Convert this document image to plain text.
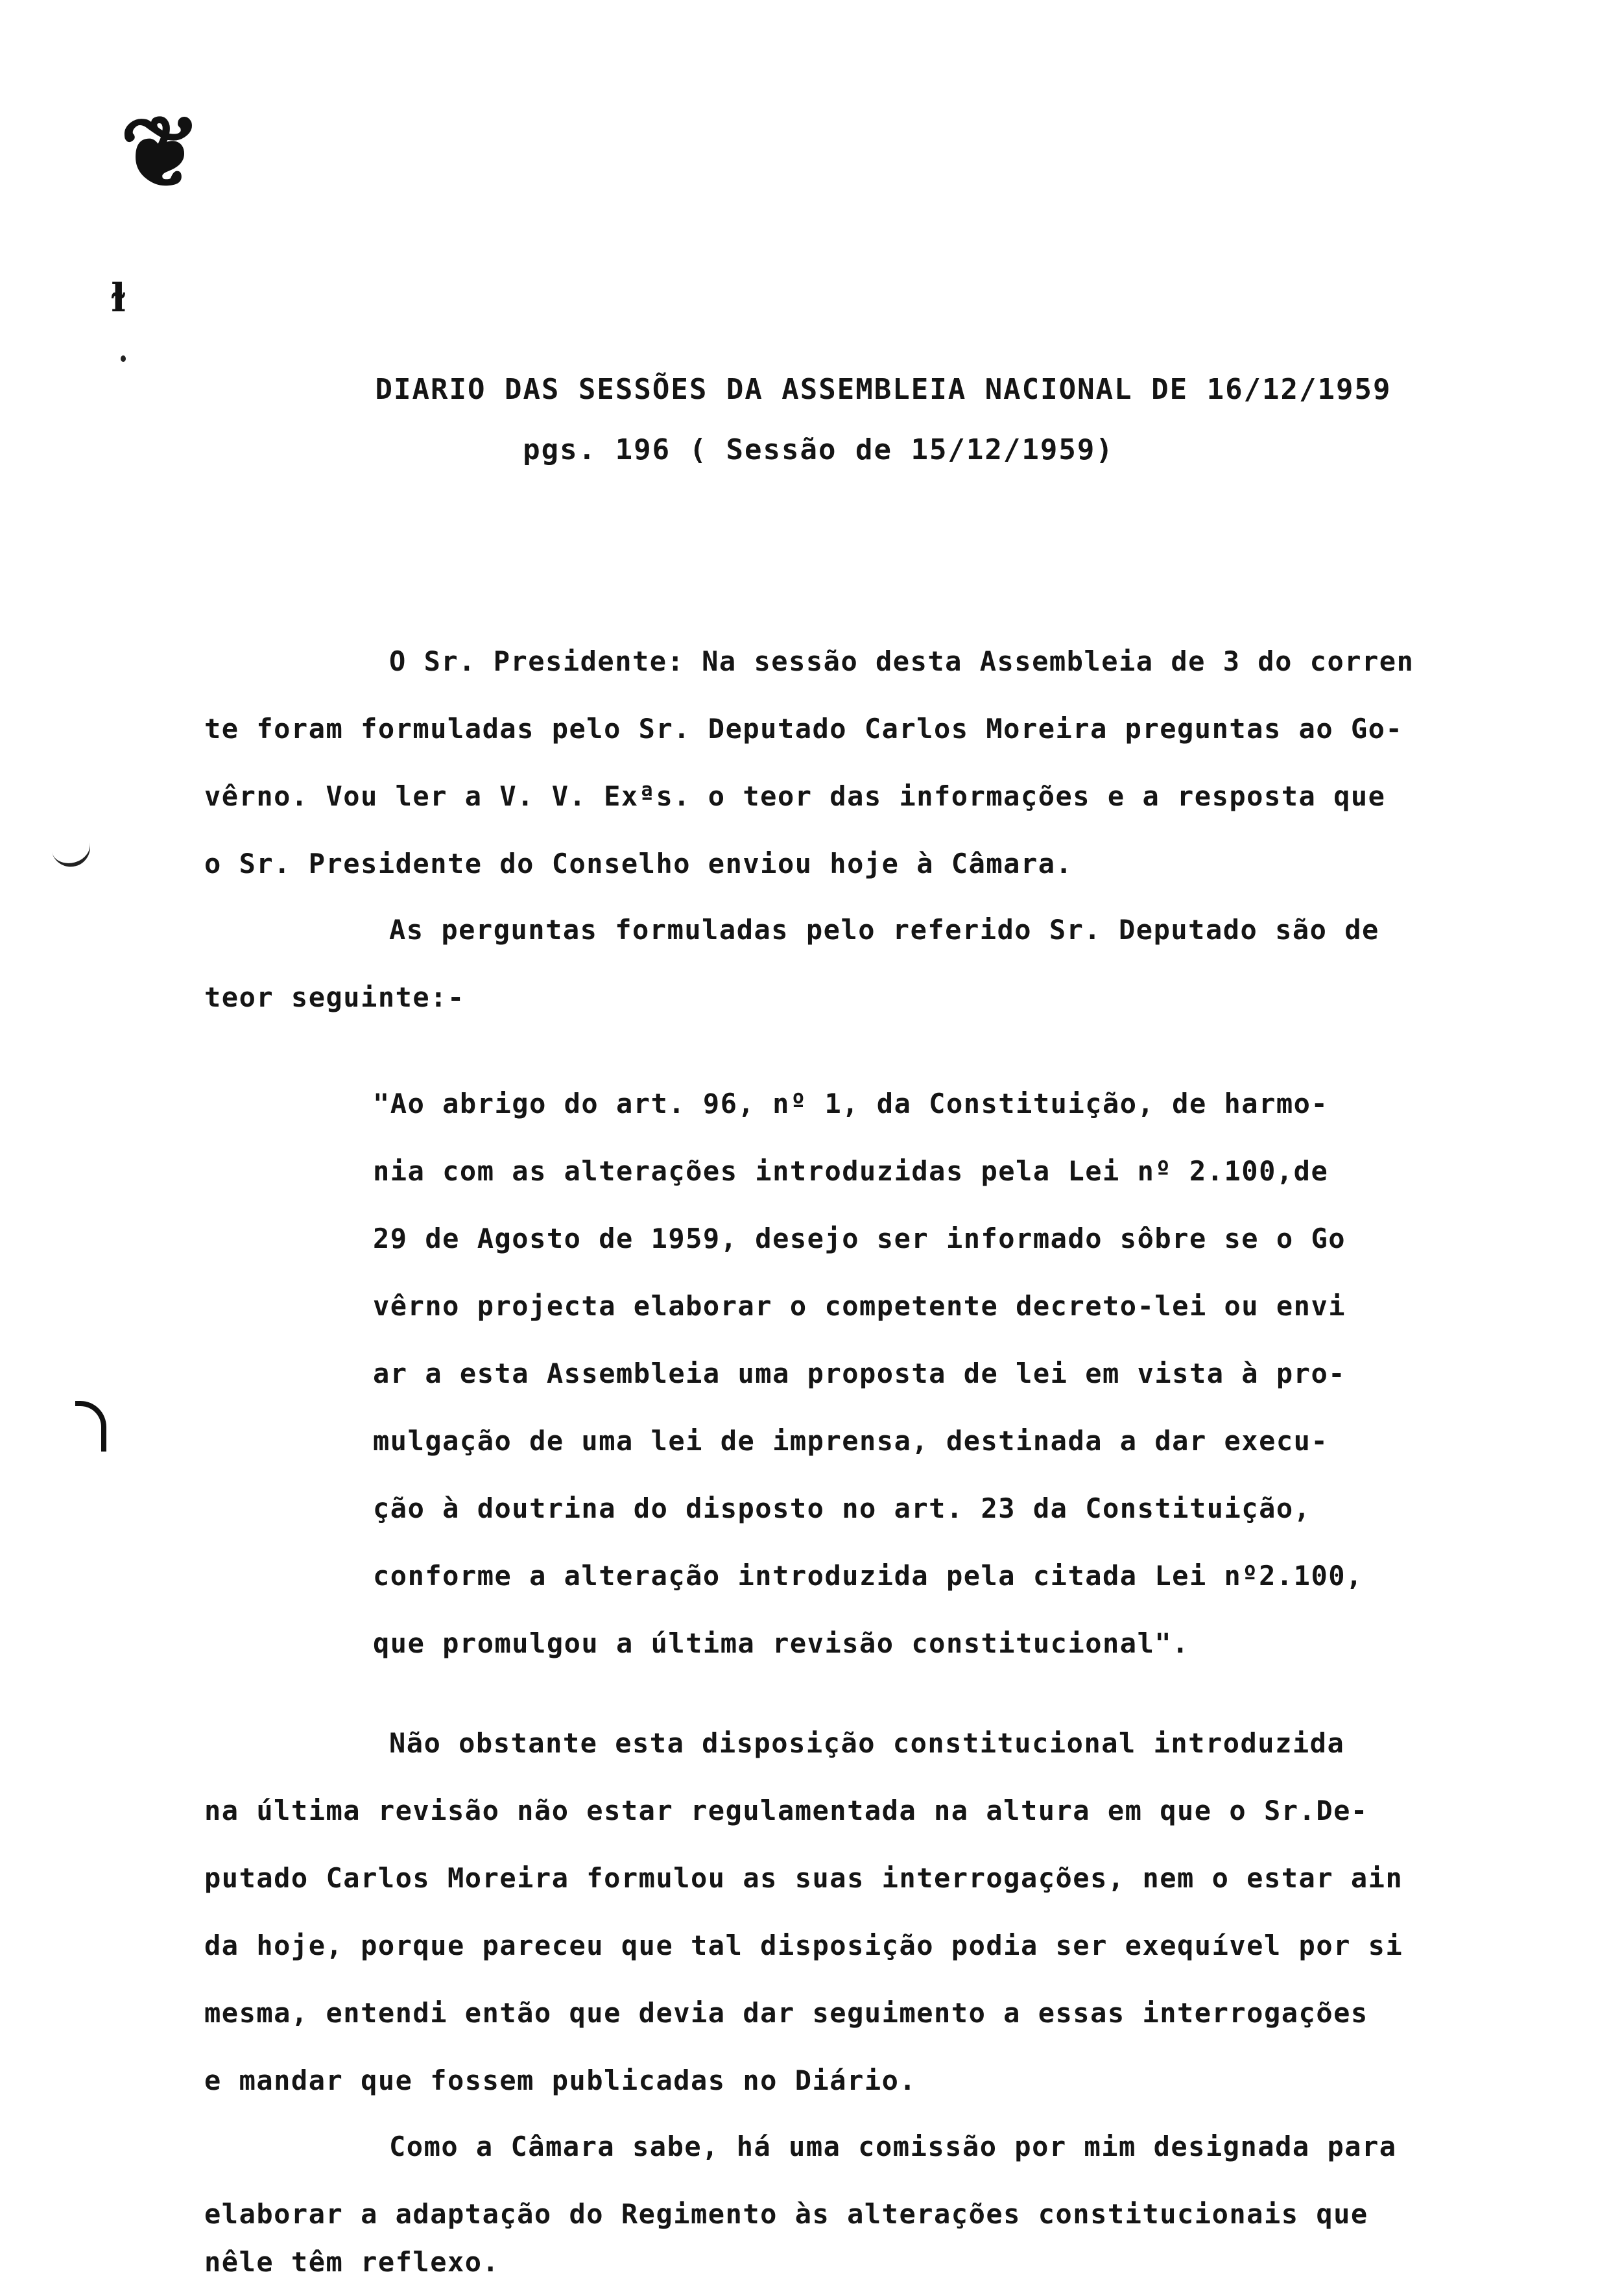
❦
ɫ
DIARIO DAS SESSÕES DA ASSEMBLEIA NACIONAL DE 16/12/1959
pgs. 196 ( Sessão de 15/12/1959)
O Sr. Presidente: Na sessão desta Assembleia de 3 do corren
te foram formuladas pelo Sr. Deputado Carlos Moreira preguntas ao Go-
vêrno. Vou ler a V. V. Exªs. o teor das informações e a resposta que
o Sr. Presidente do Conselho enviou hoje à Câmara.
As perguntas formuladas pelo referido Sr. Deputado são de
teor seguinte:-
"Ao abrigo do art. 96, nº 1, da Constituição, de harmo-
nia com as alterações introduzidas pela Lei nº 2.100,de
29 de Agosto de 1959, desejo ser informado sôbre se o Go
vêrno projecta elaborar o competente decreto-lei ou envi
ar a esta Assembleia uma proposta de lei em vista à pro-
mulgação de uma lei de imprensa, destinada a dar execu-
ção à doutrina do disposto no art. 23 da Constituição,
conforme a alteração introduzida pela citada Lei nº2.100,
que promulgou a última revisão constitucional".
Não obstante esta disposição constitucional introduzida
na última revisão não estar regulamentada na altura em que o Sr.De-
putado Carlos Moreira formulou as suas interrogações, nem o estar ain
da hoje, porque pareceu que tal disposição podia ser exequível por si
mesma, entendi então que devia dar seguimento a essas interrogações
e mandar que fossem publicadas no Diário.
Como a Câmara sabe, há uma comissão por mim designada para
elaborar a adaptação do Regimento às alterações constitucionais que
nêle têm reflexo.
